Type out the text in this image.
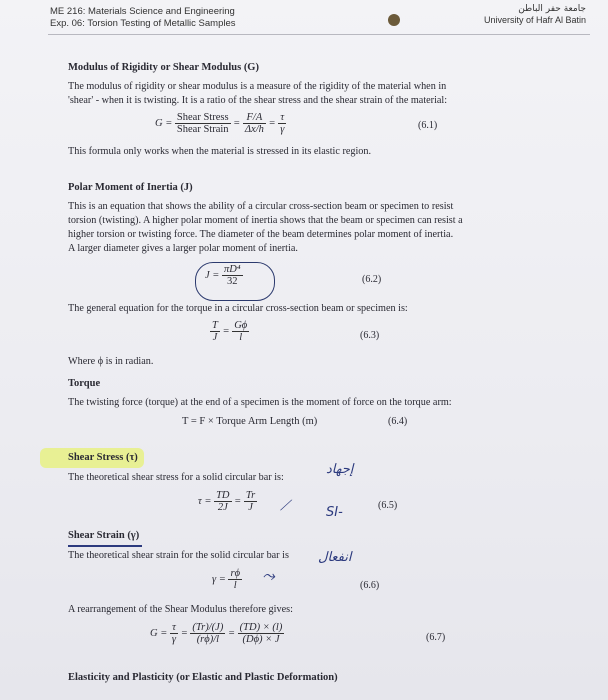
ME 216: Materials Science and Engineering
Exp. 06: Torsion Testing of Metallic Samples
جامعة حفر الباطن
University of Hafr Al Batin
Modulus of Rigidity or Shear Modulus (G)
The modulus of rigidity or shear modulus is a measure of the rigidity of the material when in
'shear' - when it is twisting. It is a ratio of the shear stress and the shear strain of the material:
$G = \frac{\text{Shear Stress}}{\text{Shear Strain}} = \frac{F/A}{\Delta x/h} = \frac{\tau}{\gamma}$	(6.1)
This formula only works when the material is stressed in its elastic region.
Polar Moment of Inertia (J)
This is an equation that shows the ability of a circular cross-section beam or specimen to resist
torsion (twisting). A higher polar moment of inertia shows that the beam or specimen can resist a
higher torsion or twisting force. The diameter of the beam determines polar moment of inertia.
A larger diameter gives a larger polar moment of inertia.
$J = \frac{\text{πD⁴}}{32}$	(6.2)
The general equation for the torque in a circular cross-section beam or specimen is:
$\frac{T}{J} = \frac{G\phi}{l}$	(6.3)
Where ϕ is in radian.
Torque
The twisting force (torque) at the end of a specimen is the moment of force on the torque arm:
T = F × Torque Arm Length (m)	(6.4)
Shear Stress (τ)
The theoretical shear stress for a solid circular bar is:
إجهاد
$\tau = \frac{TD}{2J} = \frac{Tr}{J}$ ⟋	SI-	(6.5)
Shear Strain (γ)
The theoretical shear strain for the solid circular bar is انفعال
$\gamma = \frac{r\phi}{l}$ ⤳
(6.6)
A rearrangement of the Shear Modulus therefore gives:
$G = \frac{\tau}{\gamma} = \frac{(Tr)/(J)}{(r\phi)/l} = \frac{(TD) \times (l)}{(D\phi) \times J}$	(6.7)
Elasticity and Plasticity (or Elastic and Plastic Deformation)
